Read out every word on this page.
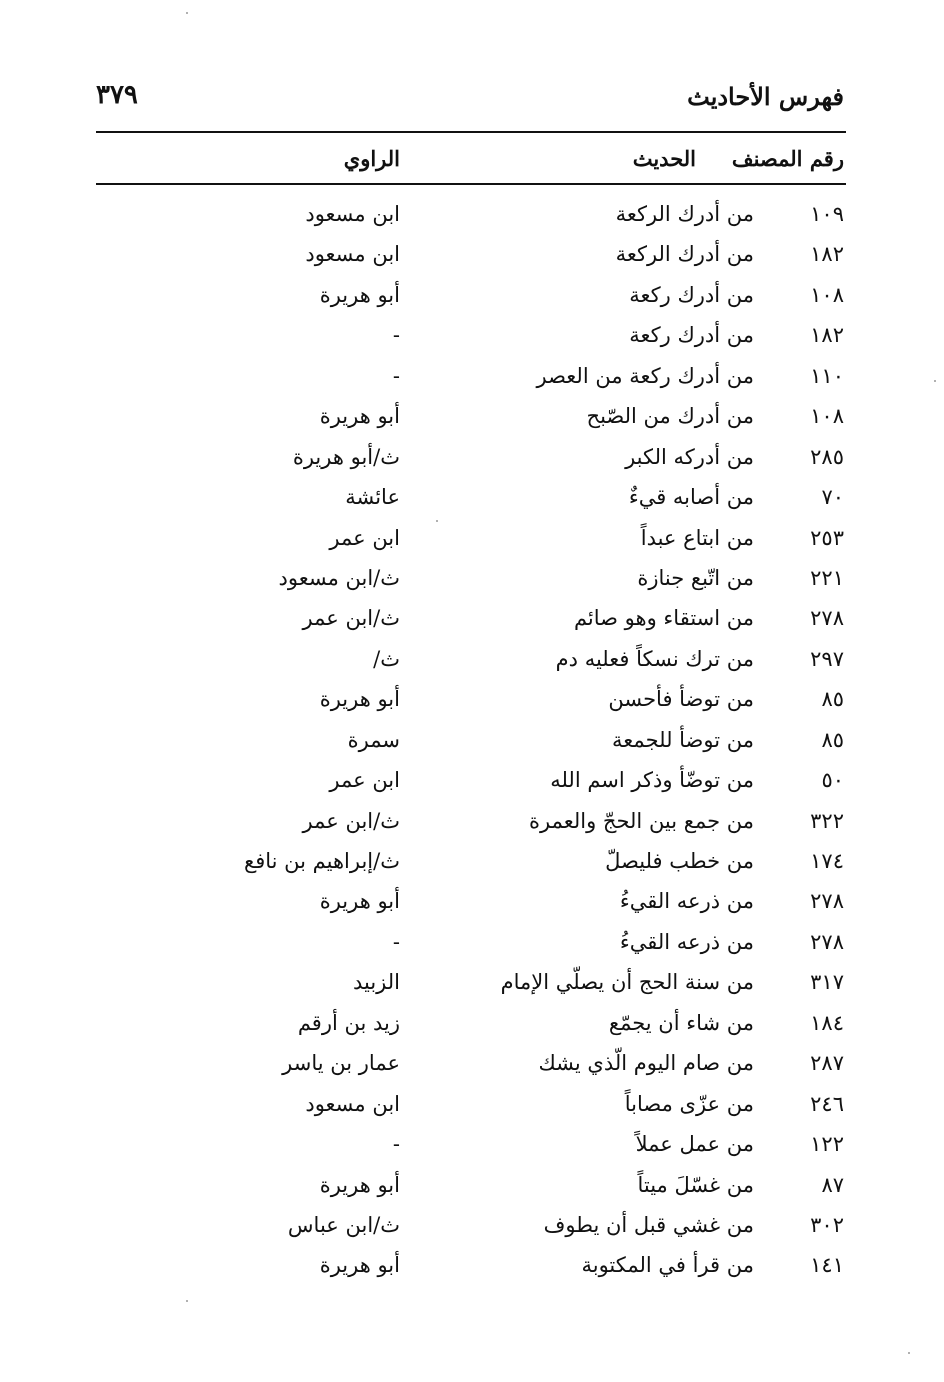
فهرس الأحاديث
٣٧٩
رقم المصنف
الحديث
الراوي
١٠٩
من أدرك الركعة
ابن مسعود
١٨٢
من أدرك الركعة
ابن مسعود
١٠٨
من أدرك ركعة
أبو هريرة
١٨٢
من أدرك ركعة
-
١١٠
من أدرك ركعة من العصر
-
١٠٨
من أدرك من الصّبح
أبو هريرة
٢٨٥
من أدركه الكبر
ث/أبو هريرة
٧٠
من أصابه قيءٌ
عائشة
٢٥٣
من ابتاع عبداً
ابن عمر
٢٢١
من اتّبع جنازة
ث/ابن مسعود
٢٧٨
من استقاء وهو صائم
ث/ابن عمر
٢٩٧
من ترك نسكاً فعليه دم
ث/
٨٥
من توضأ فأحسن
أبو هريرة
٨٥
من توضأ للجمعة
سمرة
٥٠
من توضّأ وذكر اسم الله
ابن عمر
٣٢٢
من جمع بين الحجّ والعمرة
ث/ابن عمر
١٧٤
من خطب فليصلّ
ث/إبراهيم بن نافع
٢٧٨
من ذرعه القيءُ
أبو هريرة
٢٧٨
من ذرعه القيءُ
-
٣١٧
من سنة الحج أن يصلّي الإمام
الزبيد
١٨٤
من شاء أن يجمّع
زيد بن أرقم
٢٨٧
من صام اليوم الّذي يشك
عمار بن ياسر
٢٤٦
من عزّى مصاباً
ابن مسعود
١٢٢
من عمل عملاً
-
٨٧
من غسّلَ ميتاً
أبو هريرة
٣٠٢
من غشي قبل أن يطوف
ث/ابن عباس
١٤١
من قرأ في المكتوبة
أبو هريرة
